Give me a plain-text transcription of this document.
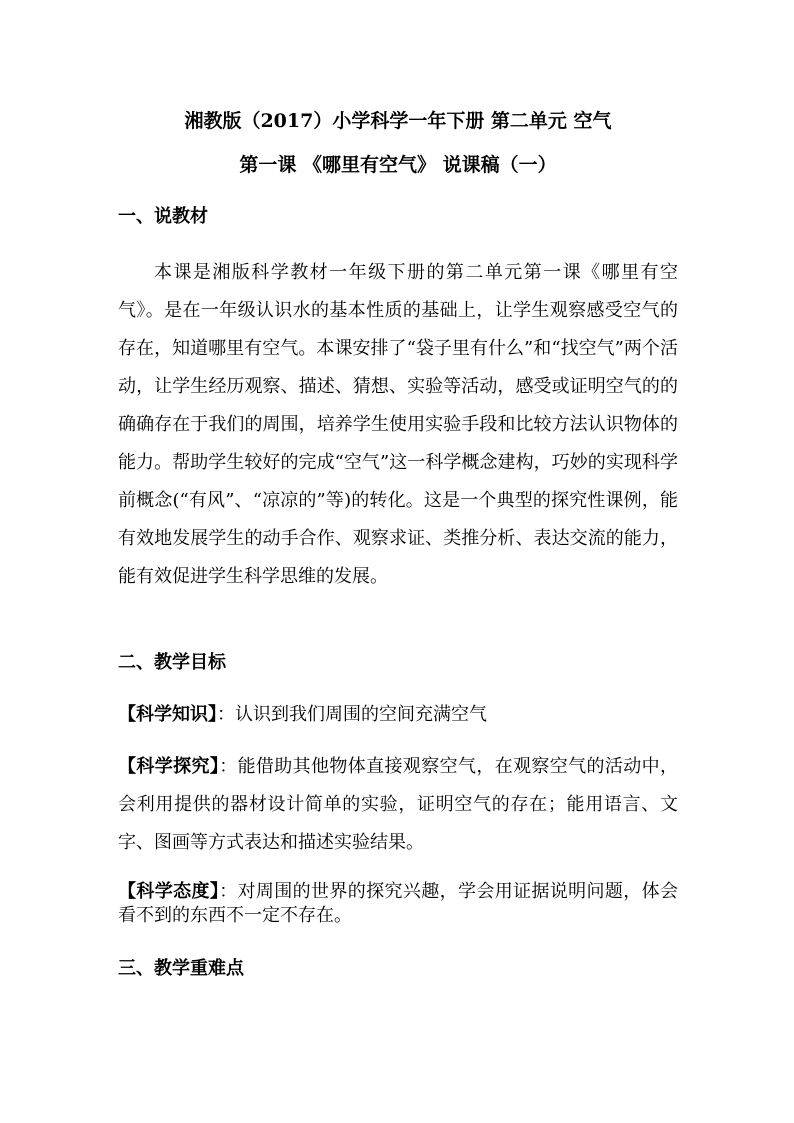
湘教版（2017）小学科学一年下册 第二单元 空气

第一课 《哪里有空气》 说课稿（一）

一、说教材

本课是湘版科学教材一年级下册的第二单元第一课《哪里有空气》。是在一年级认识水的基本性质的基础上，让学生观察感受空气的存在，知道哪里有空气。本课安排了“袋子里有什么”和“找空气”两个活动，让学生经历观察、描述、猜想、实验等活动，感受或证明空气的的确确存在于我们的周围，培养学生使用实验手段和比较方法认识物体的能力。帮助学生较好的完成“空气”这一科学概念建构，巧妙的实现科学前概念(“有风”、“凉凉的”等)的转化。这是一个典型的探究性课例，能有效地发展学生的动手合作、观察求证、类推分析、表达交流的能力，能有效促进学生科学思维的发展。

二、教学目标

【科学知识】：认识到我们周围的空间充满空气

【科学探究】：能借助其他物体直接观察空气，在观察空气的活动中，会利用提供的器材设计简单的实验，证明空气的存在；能用语言、文字、图画等方式表达和描述实验结果。

【科学态度】：对周围的世界的探究兴趣，学会用证据说明问题，体会看不到的东西不一定不存在。

三、教学重难点
